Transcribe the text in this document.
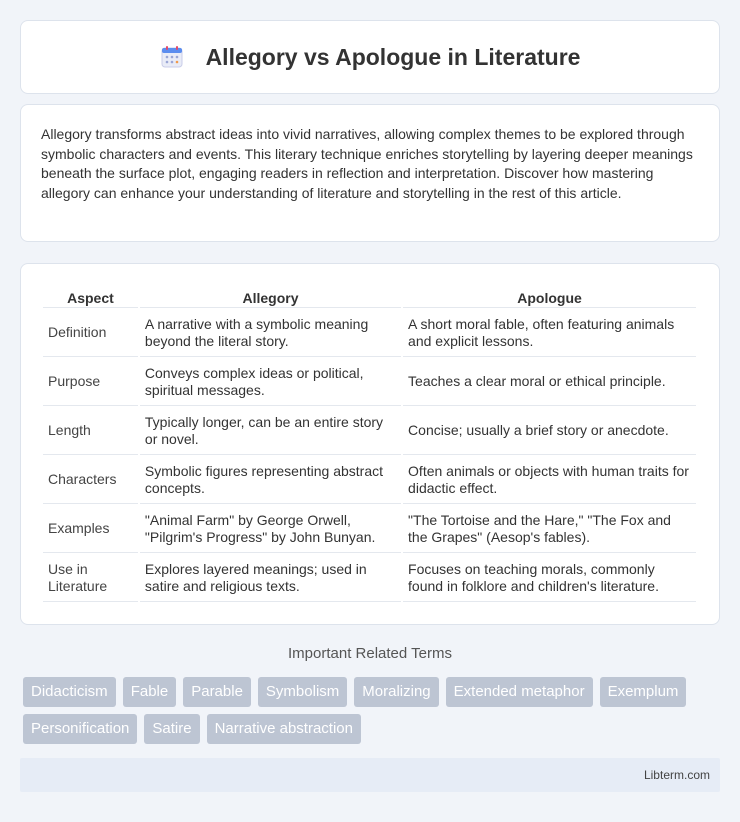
Allegory vs Apologue in Literature

Allegory transforms abstract ideas into vivid narratives, allowing complex themes to be explored through symbolic characters and events. This literary technique enriches storytelling by layering deeper meanings beneath the surface plot, engaging readers in reflection and interpretation. Discover how mastering allegory can enhance your understanding of literature and storytelling in the rest of this article.

Aspect	Allegory	Apologue
Definition	A narrative with a symbolic meaning beyond the literal story.	A short moral fable, often featuring animals and explicit lessons.
Purpose	Conveys complex ideas or political, spiritual messages.	Teaches a clear moral or ethical principle.
Length	Typically longer, can be an entire story or novel.	Concise; usually a brief story or anecdote.
Characters	Symbolic figures representing abstract concepts.	Often animals or objects with human traits for didactic effect.
Examples	"Animal Farm" by George Orwell, "Pilgrim's Progress" by John Bunyan.	"The Tortoise and the Hare," "The Fox and the Grapes" (Aesop's fables).
Use in Literature	Explores layered meanings; used in satire and religious texts.	Focuses on teaching morals, commonly found in folklore and children's literature.
Important Related Terms
Didacticism	Fable	Parable	Symbolism	Moralizing	Extended metaphor	Exemplum
Personification	Satire	Narrative abstraction
Libterm.com
